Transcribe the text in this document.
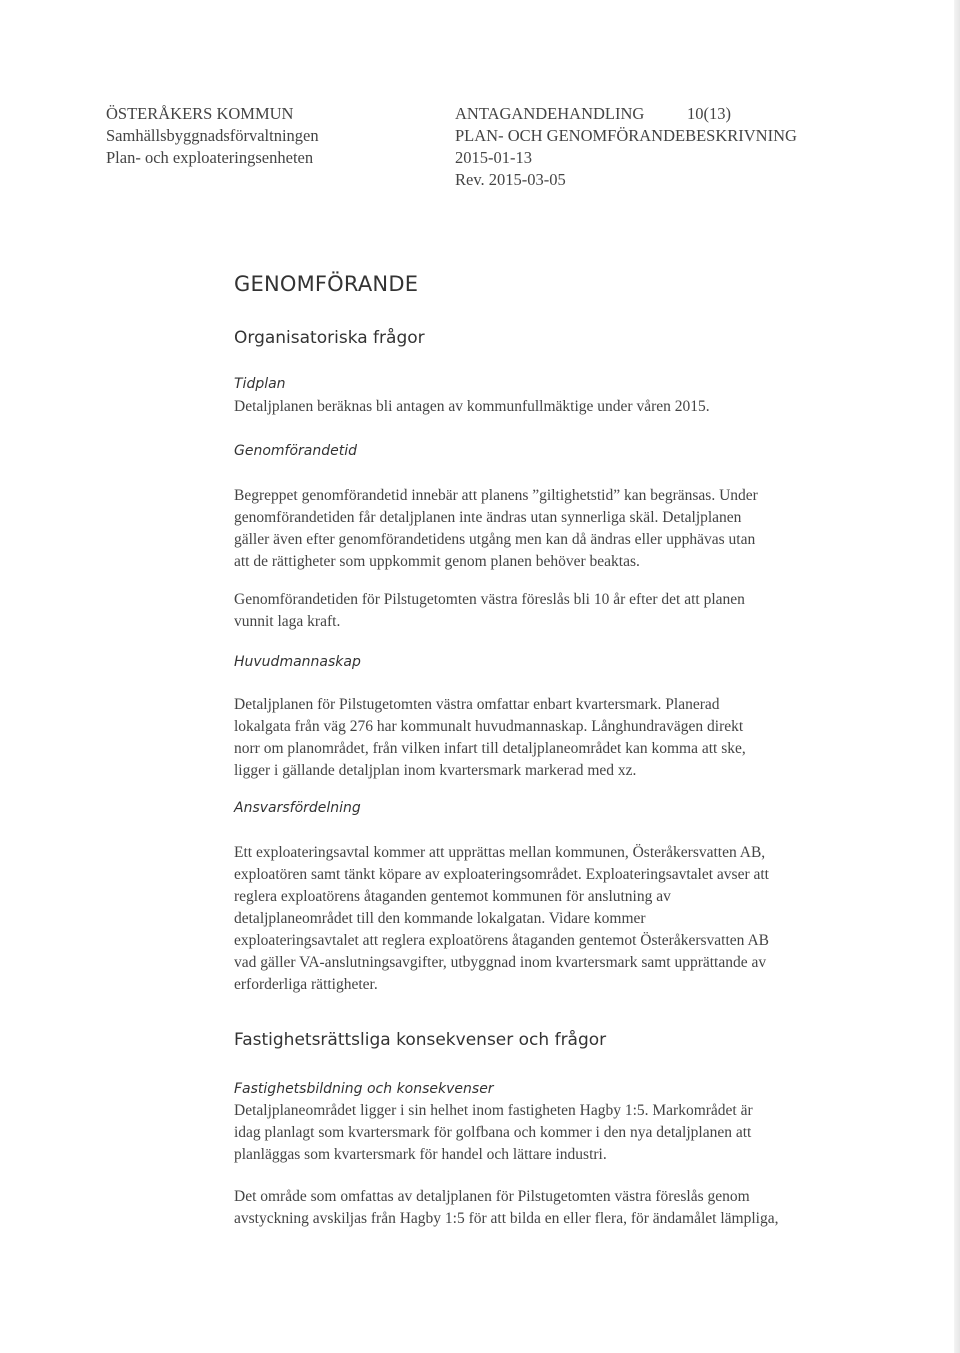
ÖSTERÅKERS KOMMUN
Samhällsbyggnadsförvaltningen
Plan- och exploateringsenheten
ANTAGANDEHANDLING	10(13)
PLAN- OCH GENOMFÖRANDEBESKRIVNING
2015-01-13
Rev. 2015-03-05
GENOMFÖRANDE
Organisatoriska frågor
Tidplan
Detaljplanen beräknas bli antagen av kommunfullmäktige under våren 2015.
Genomförandetid
Begreppet genomförandetid innebär att planens ”giltighetstid” kan begränsas. Under
genomförandetiden får detaljplanen inte ändras utan synnerliga skäl. Detaljplanen
gäller även efter genomförandetidens utgång men kan då ändras eller upphävas utan
att de rättigheter som uppkommit genom planen behöver beaktas.
Genomförandetiden för Pilstugetomten västra föreslås bli 10 år efter det att planen
vunnit laga kraft.
Huvudmannaskap
Detaljplanen för Pilstugetomten västra omfattar enbart kvartersmark. Planerad
lokalgata från väg 276 har kommunalt huvudmannaskap. Långhundravägen direkt
norr om planområdet, från vilken infart till detaljplaneområdet kan komma att ske,
ligger i gällande detaljplan inom kvartersmark markerad med xz.
Ansvarsfördelning
Ett exploateringsavtal kommer att upprättas mellan kommunen, Österåkersvatten AB,
exploatören samt tänkt köpare av exploateringsområdet. Exploateringsavtalet avser att
reglera exploatörens åtaganden gentemot kommunen för anslutning av
detaljplaneområdet till den kommande lokalgatan. Vidare kommer
exploateringsavtalet att reglera exploatörens åtaganden gentemot Österåkersvatten AB
vad gäller VA-anslutningsavgifter, utbyggnad inom kvartersmark samt upprättande av
erforderliga rättigheter.
Fastighetsrättsliga konsekvenser och frågor
Fastighetsbildning och konsekvenser
Detaljplaneområdet ligger i sin helhet inom fastigheten Hagby 1:5. Markområdet är
idag planlagt som kvartersmark för golfbana och kommer i den nya detaljplanen att
planläggas som kvartersmark för handel och lättare industri.
Det område som omfattas av detaljplanen för Pilstugetomten västra föreslås genom
avstyckning avskiljas från Hagby 1:5 för att bilda en eller flera, för ändamålet lämpliga,
